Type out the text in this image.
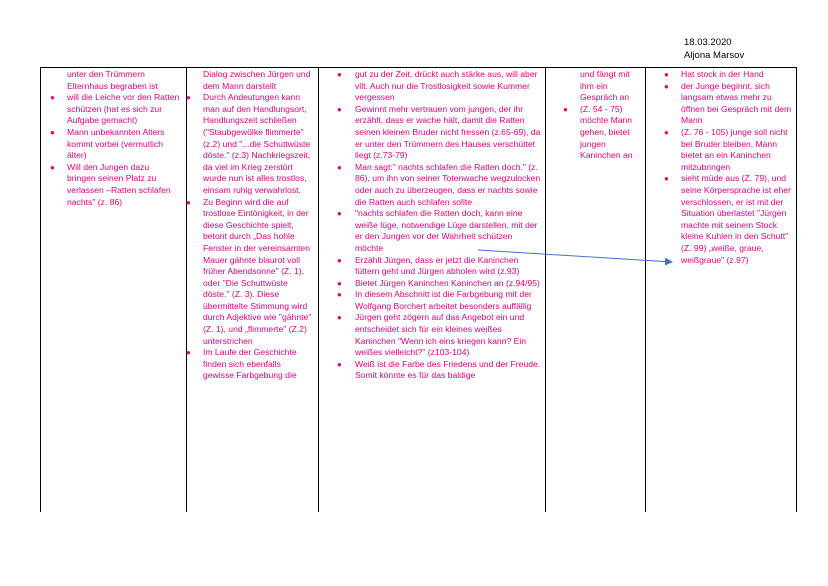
18.03.2020
Aljona Marsov
unter den Trümmern Elternhaus begraben ist
● will die Leiche vor den Ratten schützen (hat es sich zur Aufgabe gemacht)
● Mann unbekannten Alters kommt vorbei (vermutlich älter)
● Will den Jungen dazu bringen seinen Platz zu verlassen –Ratten schlafen nachts" (z. 86)
Dialog zwischen Jürgen und dem Mann darstellt
● Durch Andeutungen kann man auf den Handlungsort, Handlungszeit schließen ("Staubgewölke flimmerte" (z.2) und "...die Schuttwüste döste." (z.3) Nachkriegszeit, da viel im Krieg zerstört wurde nun ist alles trostlos, einsam ruhig verwahrlost.
● Zu Beginn wird die auf trostlose Eintönigkeit, in der diese Geschichte spielt, betont durch „Das hohle Fenster in der vereinsamten Mauer gähnte blaurot voll früher Abendsonne" (Z. 1), oder "Die Schuttwüste döste." (Z. 3). Diese übermittelte Stimmung wird durch Adjektive wie "gähnte" (Z. 1), und „flimmerte" (Z.2) unterstrichen
● Im Laufe der Geschichte finden sich ebenfalls gewisse Farbgebung die
● gut zu der Zeit, drückt auch stärke aus, will aber vllt. Auch nur die Trostlosigkeit sowie Kummer vergessen
● Gewinnt mehr vertrauen vom jungen, der ihr erzählt, dass er wache hält, damit die Ratten seinen kleinen Bruder nicht fressen (z.65-69), da er unter den Trümmern des Hauses verschüttet liegt (z.73-79)
● Man sagt:" nachts schlafen die Ratten doch." (z. 86), um ihn von seiner Totenwache wegzulocken oder auch zu überzeugen, dass er nachts sowie die Ratten auch schlafen sollte
● "nachts schlafen die Ratten doch, kann eine weiße lüge, notwendige Lüge darstellen, mit der er den Jungen vor der Wahrheit schützen möchte
● Erzählt Jürgen, dass er jetzt die Kaninchen füttern geht und Jürgen abholen wird (z.93)
● Bietet Jürgen Kaninchen Kaninchen an (z.94/95)
● In diesem Abschnitt ist die Farbgebung mit der Wolfgang Borchert arbeitet besonders auffällig
● Jürgen geht zögern auf das Angebot ein und entscheidet sich für ein kleines weißes Kaninchen "Wenn ich eins kriegen kann? Ein weißes vielleicht?" (z103-104)
● Weiß ist die Farbe des Friedens und der Freude. Somit könnte es für das baldige
und fängt mit ihm ein Gespräch an
● (Z. 54 - 75) möchte Mann gehen, bietet jungen Kaninchen an
● Hat stock in der Hand
● der Junge beginnt, sich langsam etwas mehr zu öffnen bei Gespräch mit dem Mann
● (Z. 76 - 105) junge soll nicht bei Bruder bleiben, Mann bietet an ein Kaninchen mitzubringen
● sieht müde aus (Z. 79), und seine Körpersprache ist eher verschlossen, er ist mit der Situation überlastet "Jürgen machte mit seinem Stock kleine Kuhlen in den Schutt" (Z. 99) „weiße, graue, weißgraue" (z.97)
